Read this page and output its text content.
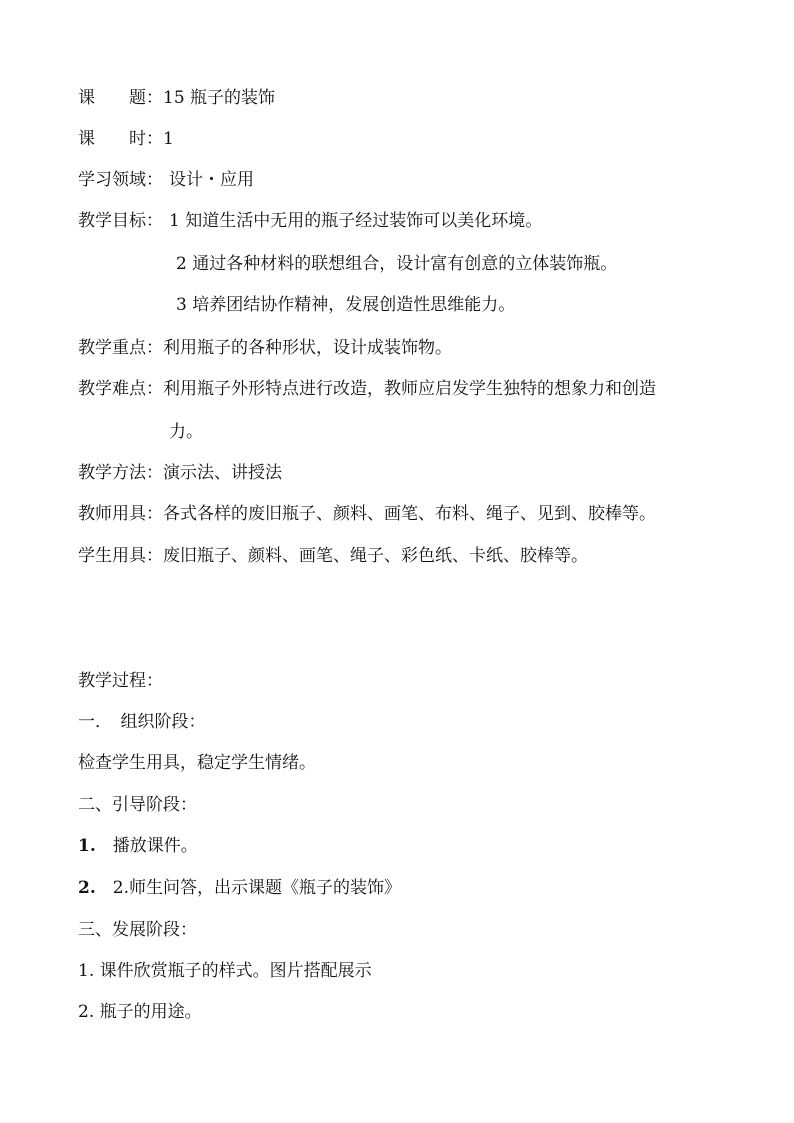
课　　题：15 瓶子的装饰
课　　时：1
学习领域： 设计・应用
教学目标： 1 知道生活中无用的瓶子经过装饰可以美化环境。
2 通过各种材料的联想组合，设计富有创意的立体装饰瓶。
3 培养团结协作精神，发展创造性思维能力。
教学重点：利用瓶子的各种形状，设计成装饰物。
教学难点：利用瓶子外形特点进行改造，教师应启发学生独特的想象力和创造
力。
教学方法：演示法、讲授法
教师用具：各式各样的废旧瓶子、颜料、画笔、布料、绳子、见到、胶棒等。
学生用具：废旧瓶子、颜料、画笔、绳子、彩色纸、卡纸、胶棒等。
教学过程：
一．　组织阶段：
检查学生用具，稳定学生情绪。
二、引导阶段：
1.　播放课件。
2.　2.师生问答，出示课题《瓶子的装饰》
三、发展阶段：
1. 课件欣赏瓶子的样式。图片搭配展示
2. 瓶子的用途。
